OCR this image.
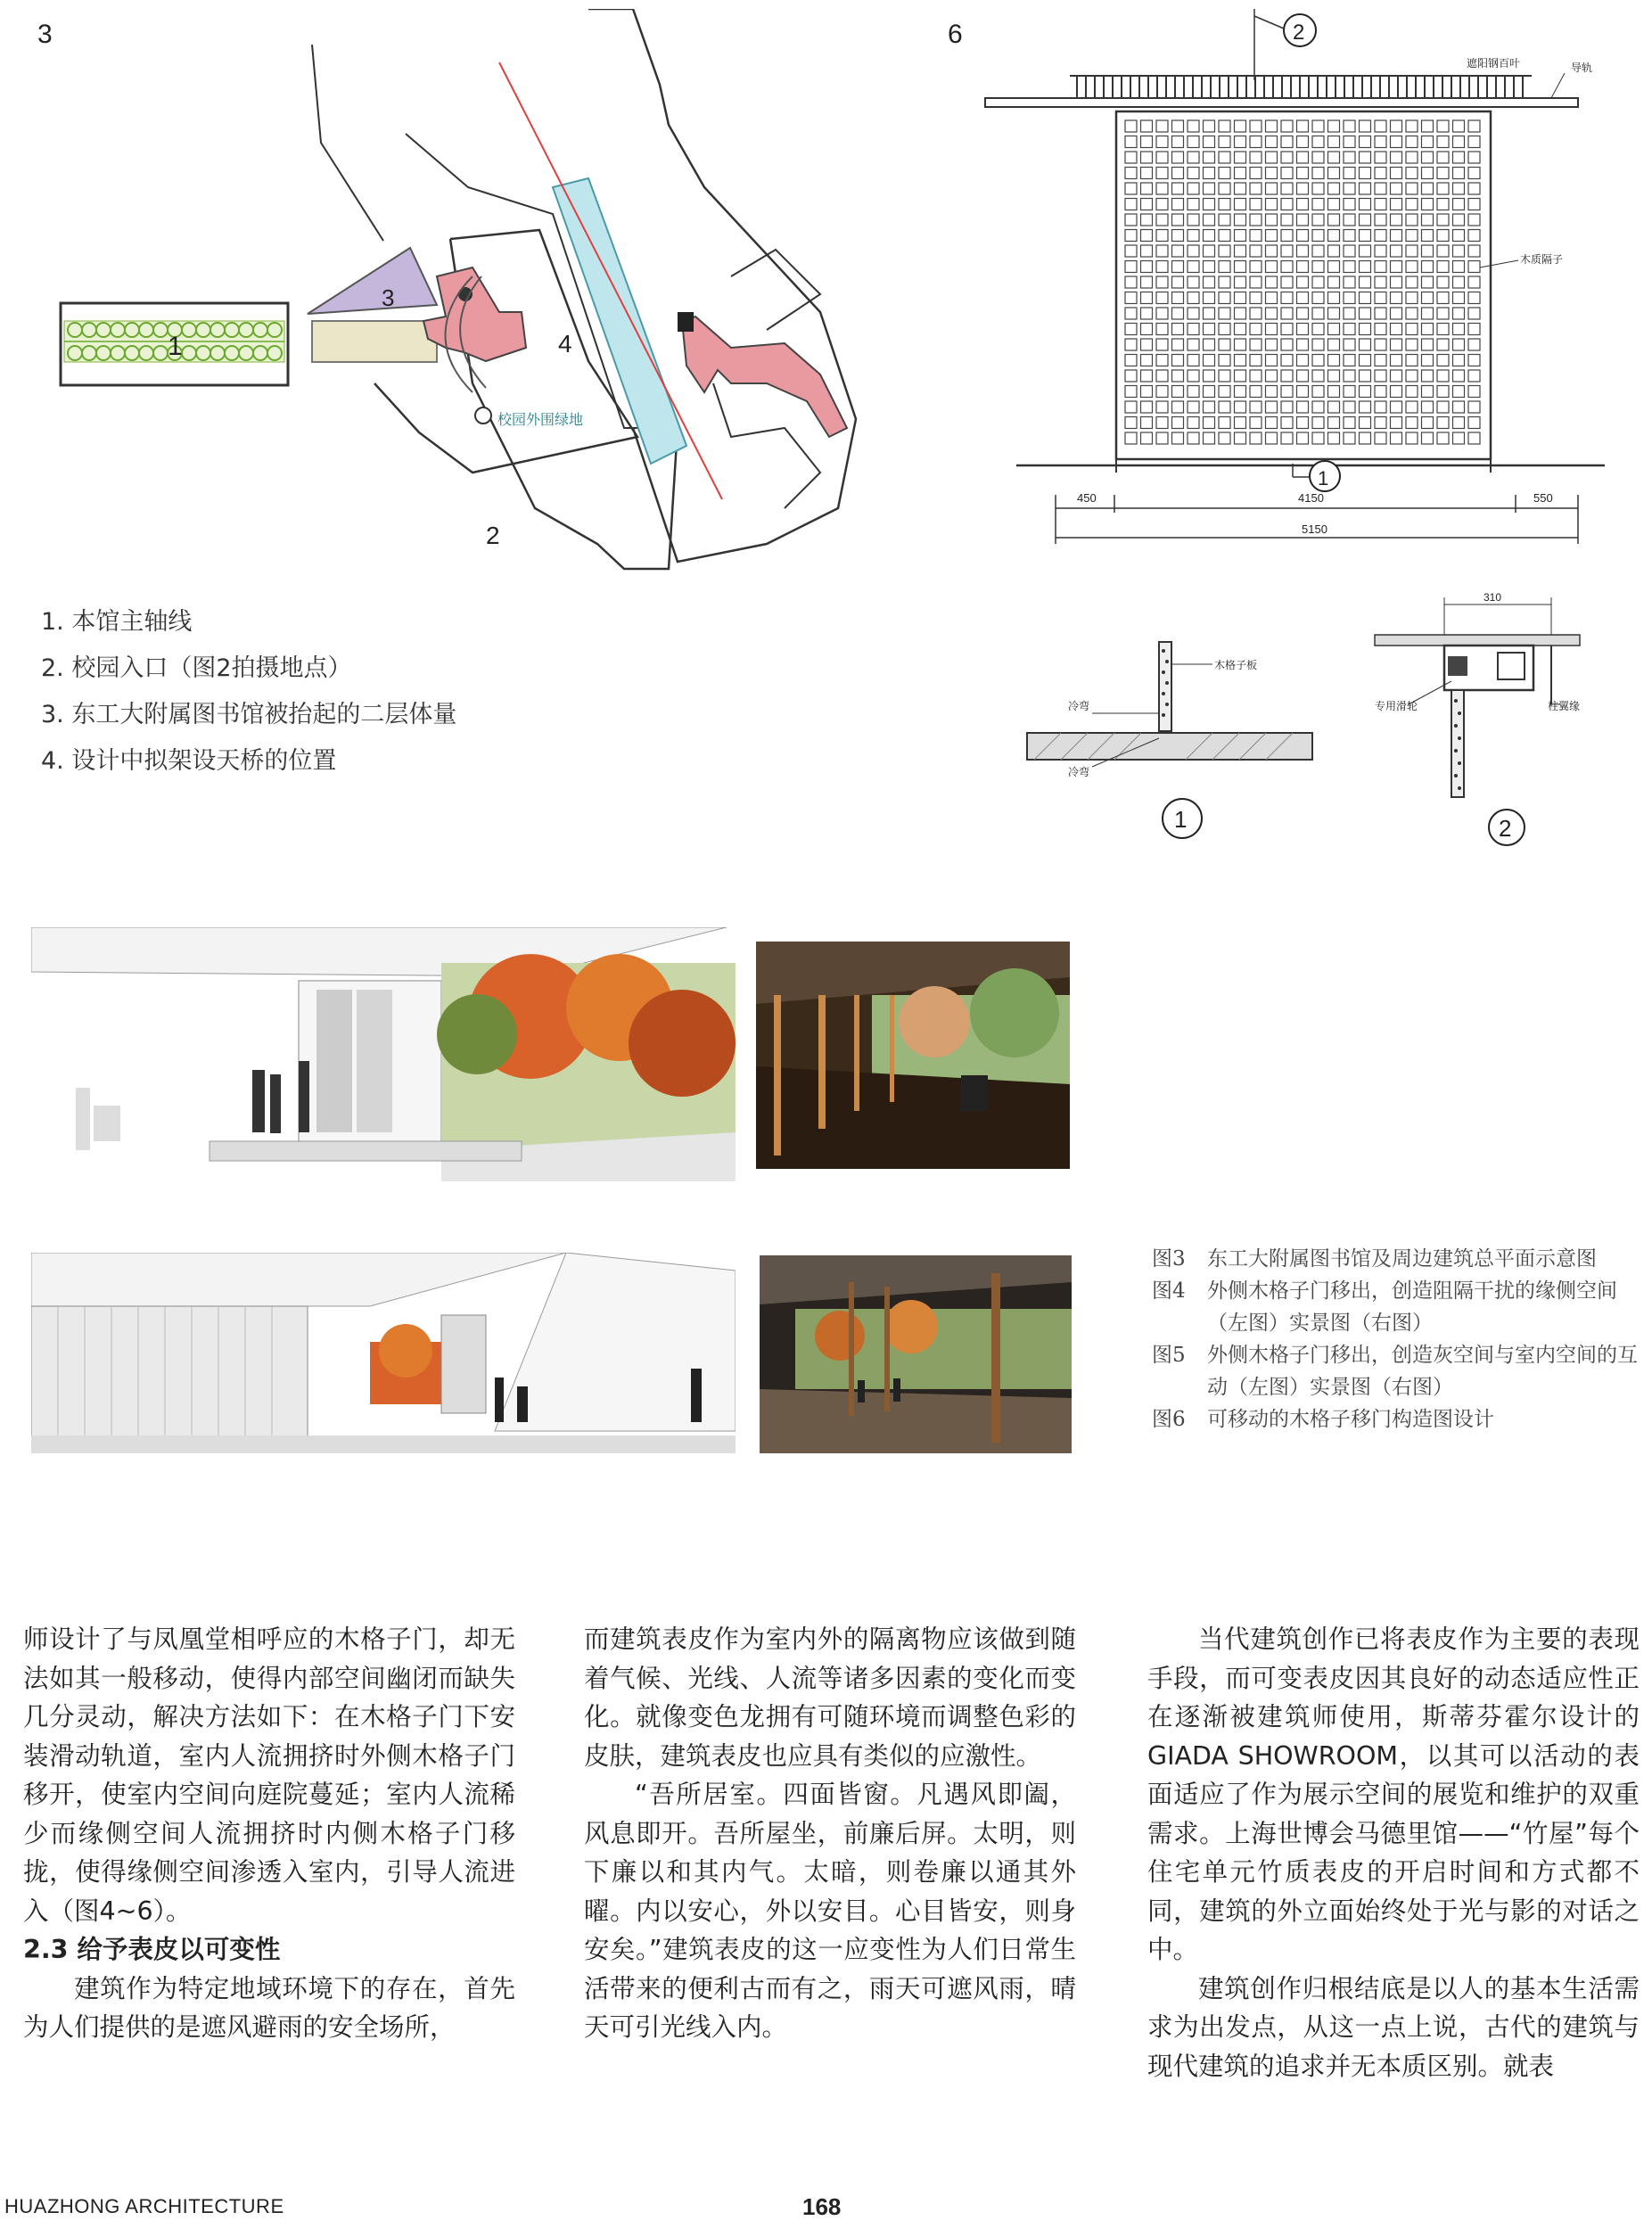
3
1
3
4
2
校园外围绿地
1. 本馆主轴线
2. 校园入口（图2拍摄地点）
3. 东工大附属图书馆被抬起的二层体量
4. 设计中拟架设天桥的位置
6	2
遮阳钢百叶	导轨
木质隔子
1
450	4150	550
5150
木格子板
冷弯
冷弯
1
310
专用滑轮	柱翼缘
2
图3	东工大附属图书馆及周边建筑总平面示意图
图4	外侧木格子门移出，创造阻隔干扰的缘侧空间（左图）实景图（右图）
图5	外侧木格子门移出，创造灰空间与室内空间的互动（左图）实景图（右图）
图6	可移动的木格子移门构造图设计

师设计了与凤凰堂相呼应的木格子门，却无法如其一般移动，使得内部空间幽闭而缺失几分灵动，解决方法如下：在木格子门下安装滑动轨道，室内人流拥挤时外侧木格子门移开，使室内空间向庭院蔓延；室内人流稀少而缘侧空间人流拥挤时内侧木格子门移拢，使得缘侧空间渗透入室内，引导人流进入（图4~6）。

2.3 给予表皮以可变性

建筑作为特定地域环境下的存在，首先为人们提供的是遮风避雨的安全场所，

而建筑表皮作为室内外的隔离物应该做到随着气候、光线、人流等诸多因素的变化而变化。就像变色龙拥有可随环境而调整色彩的皮肤，建筑表皮也应具有类似的应激性。

“吾所居室。四面皆窗。凡遇风即阖，风息即开。吾所屋坐，前廉后屏。太明，则下廉以和其内气。太暗，则卷廉以通其外曜。内以安心，外以安目。心目皆安，则身安矣。”建筑表皮的这一应变性为人们日常生活带来的便利古而有之，雨天可遮风雨，晴天可引光线入内。

当代建筑创作已将表皮作为主要的表现手段，而可变表皮因其良好的动态适应性正在逐渐被建筑师使用，斯蒂芬霍尔设计的GIADA SHOWROOM，以其可以活动的表面适应了作为展示空间的展览和维护的双重需求。上海世博会马德里馆——“竹屋”每个住宅单元竹质表皮的开启时间和方式都不同，建筑的外立面始终处于光与影的对话之中。

建筑创作归根结底是以人的基本生活需求为出发点，从这一点上说，古代的建筑与现代建筑的追求并无本质区别。就表

HUAZHONG ARCHITECTURE	168
